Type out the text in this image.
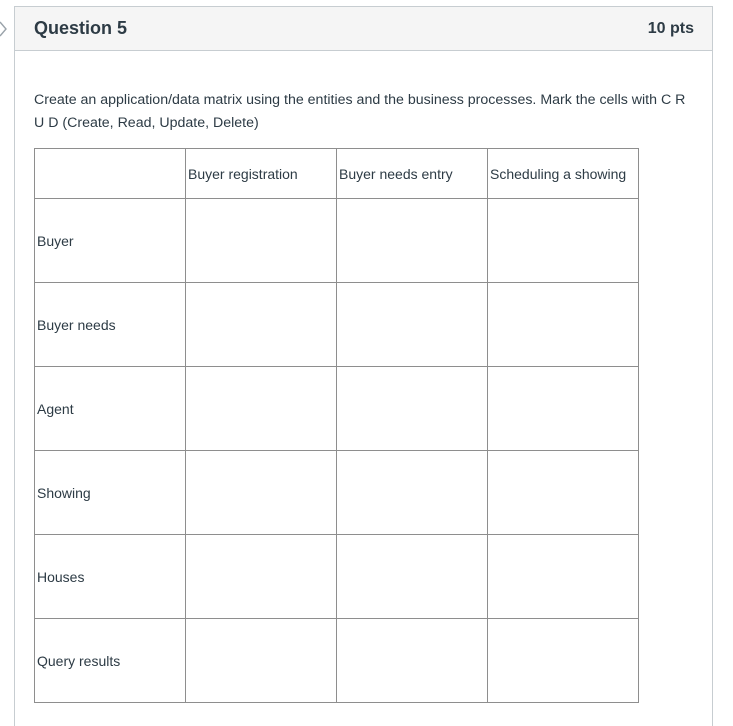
Question 5	10 pts

Create an application/data matrix using the entities and the business processes. Mark the cells with C R U D (Create, Read, Update, Delete)

	Buyer registration	Buyer needs entry	Scheduling a showing
Buyer			
Buyer needs			
Agent			
Showing			
Houses			
Query results			
